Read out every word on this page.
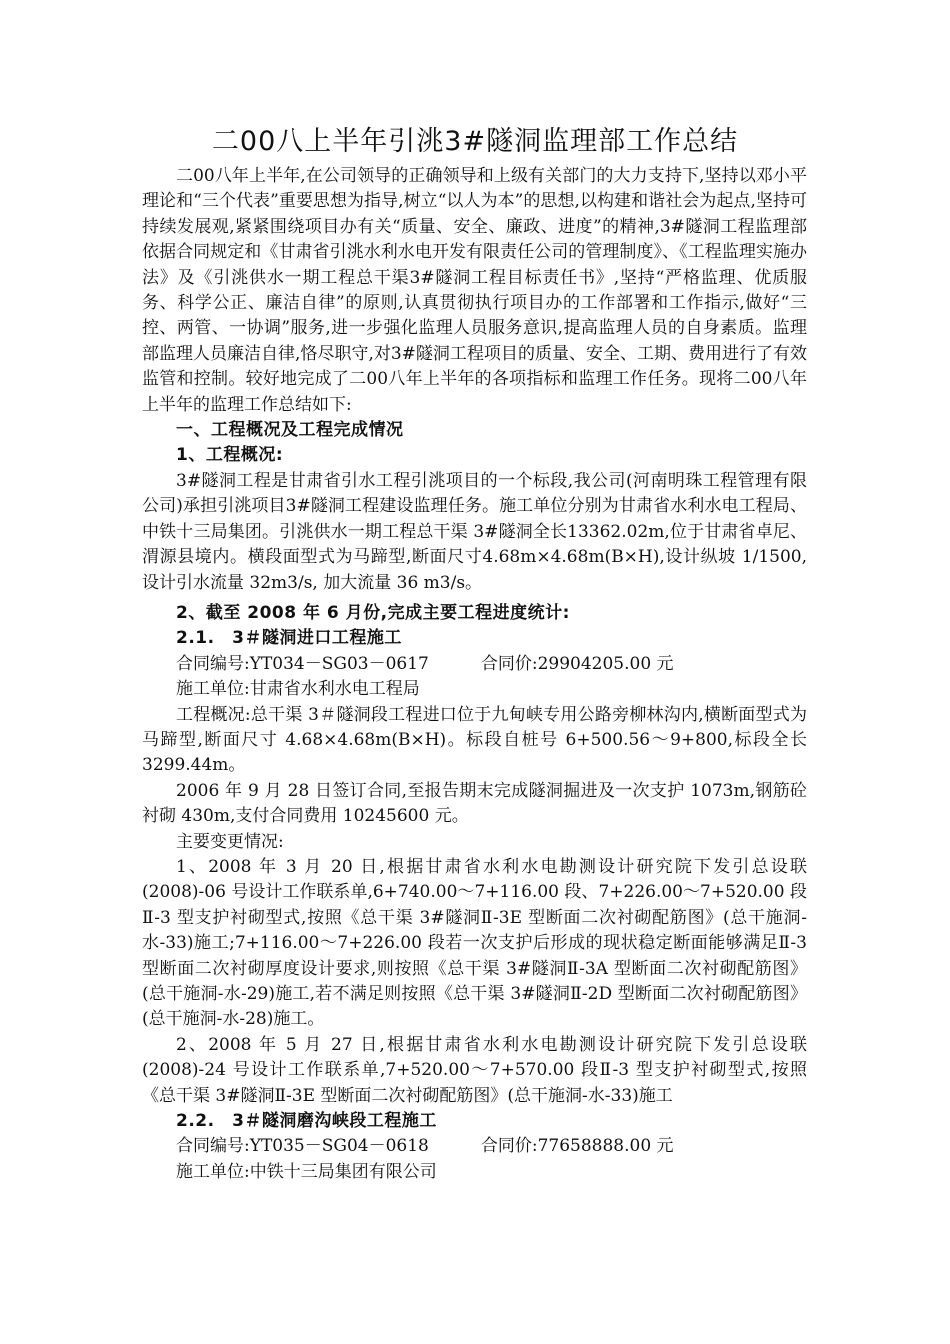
二00八上半年引洮3#隧洞监理部工作总结

二00八年上半年,在公司领导的正确领导和上级有关部门的大力支持下,坚持以邓小平理论和“三个代表”重要思想为指导,树立“以人为本”的思想,以构建和谐社会为起点,坚持可持续发展观,紧紧围绕项目办有关“质量、安全、廉政、进度”的精神,3#隧洞工程监理部依据合同规定和《甘肃省引洮水利水电开发有限责任公司的管理制度》、《工程监理实施办法》及《引洮供水一期工程总干渠3#隧洞工程目标责任书》,坚持“严格监理、优质服务、科学公正、廉洁自律”的原则,认真贯彻执行项目办的工作部署和工作指示,做好“三控、两管、一协调”服务,进一步强化监理人员服务意识,提高监理人员的自身素质。监理部监理人员廉洁自律,恪尽职守,对3#隧洞工程项目的质量、安全、工期、费用进行了有效监管和控制。较好地完成了二00八年上半年的各项指标和监理工作任务。现将二00八年上半年的监理工作总结如下:

一、工程概况及工程完成情况

1、工程概况:

3#隧洞工程是甘肃省引水工程引洮项目的一个标段,我公司(河南明珠工程管理有限公司)承担引洮项目3#隧洞工程建设监理任务。施工单位分别为甘肃省水利水电工程局、中铁十三局集团。引洮供水一期工程总干渠 3#隧洞全长13362.02m,位于甘肃省卓尼、渭源县境内。横段面型式为马蹄型,断面尺寸4.68m×4.68m(B×H),设计纵坡 1/1500,设计引水流量 32m3/s, 加大流量 36 m3/s。

2、截至 2008 年 6 月份,完成主要工程进度统计:

2.1.　3＃隧洞进口工程施工

合同编号:YT034－SG03－0617	合同价:29904205.00 元

施工单位:甘肃省水利水电工程局

工程概况:总干渠 3＃隧洞段工程进口位于九甸峡专用公路旁柳林沟内,横断面型式为马蹄型,断面尺寸 4.68×4.68m(B×H)。标段自桩号 6+500.56～9+800,标段全长 3299.44m。

2006 年 9 月 28 日签订合同,至报告期末完成隧洞掘进及一次支护 1073m,钢筋砼衬砌 430m,支付合同费用 10245600 元。

主要变更情况:

1、2008 年 3 月 20 日,根据甘肃省水利水电勘测设计研究院下发引总设联(2008)-06 号设计工作联系单,6+740.00～7+116.00 段、7+226.00～7+520.00 段Ⅱ-3 型支护衬砌型式,按照《总干渠 3#隧洞Ⅱ-3E 型断面二次衬砌配筋图》(总干施洞-水-33)施工;7+116.00～7+226.00 段若一次支护后形成的现状稳定断面能够满足Ⅱ-3 型断面二次衬砌厚度设计要求,则按照《总干渠 3#隧洞Ⅱ-3A 型断面二次衬砌配筋图》(总干施洞-水-29)施工,若不满足则按照《总干渠 3#隧洞Ⅱ-2D 型断面二次衬砌配筋图》(总干施洞-水-28)施工。

2、2008 年 5 月 27 日,根据甘肃省水利水电勘测设计研究院下发引总设联(2008)-24 号设计工作联系单,7+520.00～7+570.00 段Ⅱ-3 型支护衬砌型式,按照《总干渠 3#隧洞Ⅱ-3E 型断面二次衬砌配筋图》(总干施洞-水-33)施工

2.2.　3＃隧洞磨沟峡段工程施工

合同编号:YT035－SG04－0618	合同价:77658888.00 元

施工单位:中铁十三局集团有限公司
